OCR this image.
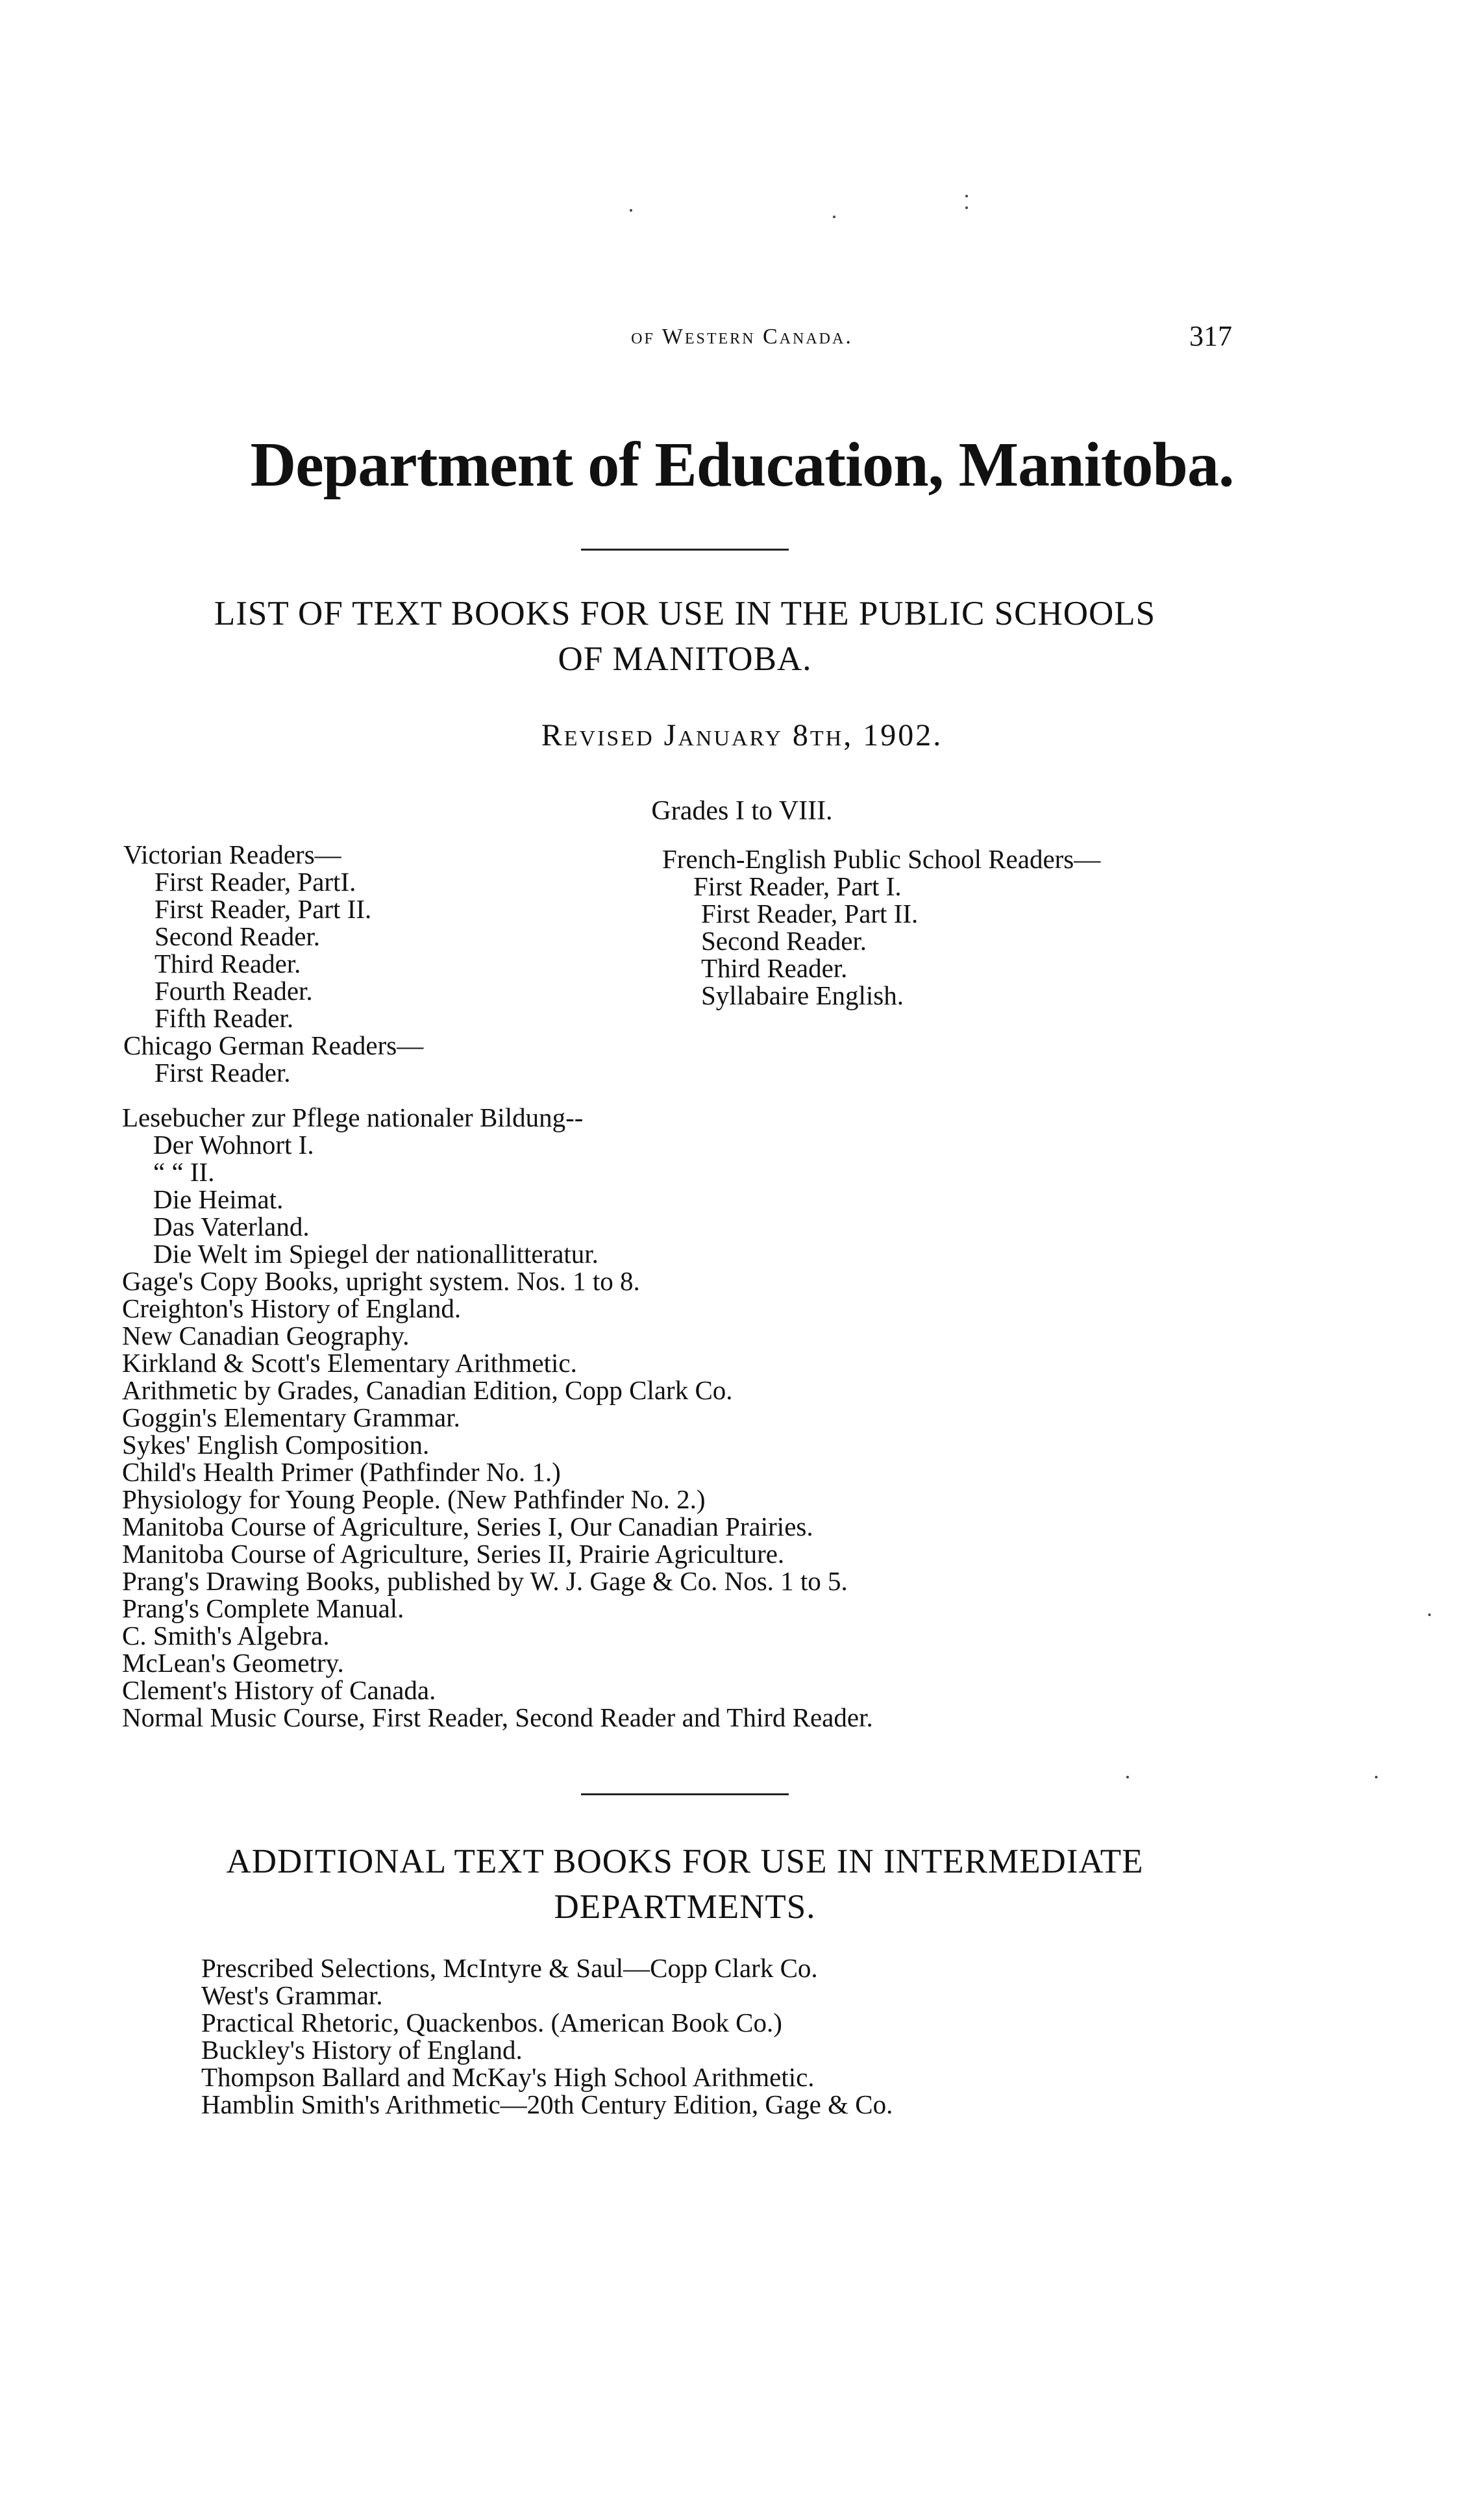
of Western Canada.	317
Department of Education, Manitoba.
LIST OF TEXT BOOKS FOR USE IN THE PUBLIC SCHOOLS
OF MANITOBA.
Revised January 8th, 1902.
Grades I to VIII.
Victorian Readers—
First Reader, PartI.
First Reader, Part II.
Second Reader.
Third Reader.
Fourth Reader.
Fifth Reader.
Chicago German Readers—
First Reader.
French-English Public School Readers—
First Reader, Part I.
First Reader, Part II.
Second Reader.
Third Reader.
Syllabaire English.
Lesebucher zur Pflege nationaler Bildung--
Der Wohnort I.
“ “ II.
Die Heimat.
Das Vaterland.
Die Welt im Spiegel der nationallitteratur.
Gage's Copy Books, upright system. Nos. 1 to 8.
Creighton's History of England.
New Canadian Geography.
Kirkland & Scott's Elementary Arithmetic.
Arithmetic by Grades, Canadian Edition, Copp Clark Co.
Goggin's Elementary Grammar.
Sykes' English Composition.
Child's Health Primer (Pathfinder No. 1.)
Physiology for Young People. (New Pathfinder No. 2.)
Manitoba Course of Agriculture, Series I, Our Canadian Prairies.
Manitoba Course of Agriculture, Series II, Prairie Agriculture.
Prang's Drawing Books, published by W. J. Gage & Co. Nos. 1 to 5.
Prang's Complete Manual.
C. Smith's Algebra.
McLean's Geometry.
Clement's History of Canada.
Normal Music Course, First Reader, Second Reader and Third Reader.
ADDITIONAL TEXT BOOKS FOR USE IN INTERMEDIATE
DEPARTMENTS.
Prescribed Selections, McIntyre & Saul—Copp Clark Co.
West's Grammar.
Practical Rhetoric, Quackenbos. (American Book Co.)
Buckley's History of England.
Thompson Ballard and McKay's High School Arithmetic.
Hamblin Smith's Arithmetic—20th Century Edition, Gage & Co.
